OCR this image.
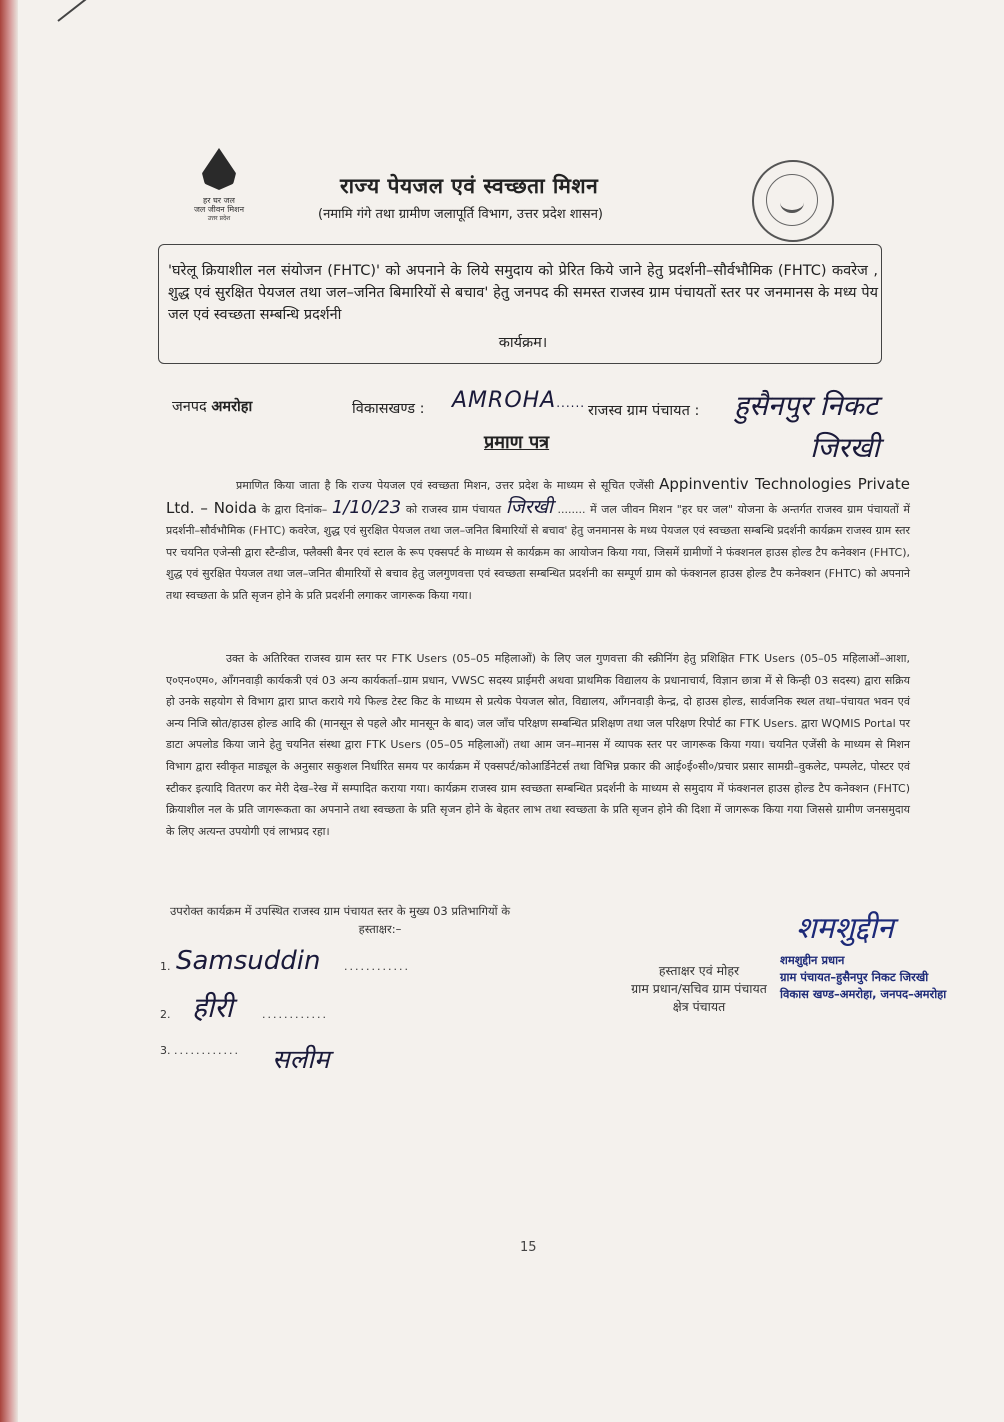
हर घर जल
जल जीवन मिशन
उत्तर प्रदेश
राज्य पेयजल एवं स्वच्छता मिशन
(नमामि गंगे तथा ग्रामीण जलापूर्ति विभाग, उत्तर प्रदेश शासन)
'घरेलू क्रियाशील नल संयोजन (FHTC)' को अपनाने के लिये समुदाय को प्रेरित किये जाने हेतु प्रदर्शनी–सौर्वभौमिक (FHTC) कवरेज , शुद्ध एवं सुरक्षित पेयजल तथा जल–जनित बिमारियों से बचाव' हेतु जनपद की समस्त राजस्व ग्राम पंचायतों स्तर पर जनमानस के मध्य पेय जल एवं स्वच्छता सम्बन्धि प्रदर्शनी
कार्यक्रम।
जनपद अमरोहा	विकासखण्ड : AMROHA...... राजस्व ग्राम पंचायत : हुसैनपुर निकट
जिरखी
प्रमाण पत्र
प्रमाणित किया जाता है कि राज्य पेयजल एवं स्वच्छता मिशन, उत्तर प्रदेश के माध्यम से सूचित एजेंसी Appinventiv Technologies Private Ltd. – Noida के द्वारा दिनांक– 1/10/23 को राजस्व ग्राम पंचायत जिरखी ........ में जल जीवन मिशन "हर घर जल" योजना के अन्तर्गत राजस्व ग्राम पंचायतों में प्रदर्शनी–सौर्वभौमिक (FHTC) कवरेज, शुद्ध एवं सुरक्षित पेयजल तथा जल–जनित बिमारियों से बचाव' हेतु जनमानस के मध्य पेयजल एवं स्वच्छता सम्बन्धि प्रदर्शनी कार्यक्रम राजस्व ग्राम स्तर पर चयनित एजेन्सी द्वारा स्टैन्डीज, फ्लैक्सी बैनर एवं स्टाल के रूप एक्सपर्ट के माध्यम से कार्यक्रम का आयोजन किया गया, जिसमें ग्रामीणों ने फंक्शनल हाउस होल्ड टैप कनेक्शन (FHTC), शुद्ध एवं सुरक्षित पेयजल तथा जल–जनित बीमारियों से बचाव हेतु जलगुणवत्ता एवं स्वच्छता सम्बन्धित प्रदर्शनी का सम्पूर्ण ग्राम को फंक्शनल हाउस होल्ड टैप कनेक्शन (FHTC) को अपनाने तथा स्वच्छता के प्रति सृजन होने के प्रति प्रदर्शनी लगाकर जागरूक किया गया।
उक्त के अतिरिक्त राजस्व ग्राम स्तर पर FTK Users (05–05 महिलाओं) के लिए जल गुणवत्ता की स्क्रीनिंग हेतु प्रशिक्षित FTK Users (05–05 महिलाओं–आशा, ए०एन०एम०, आँगनवाड़ी कार्यकत्री एवं 03 अन्य कार्यकर्ता–ग्राम प्रधान, VWSC सदस्य प्राईमरी अथवा प्राथमिक विद्यालय के प्रधानाचार्य, विज्ञान छात्रा में से किन्ही 03 सदस्य) द्वारा सक्रिय हो उनके सहयोग से विभाग द्वारा प्राप्त कराये गये फिल्ड टेस्ट किट के माध्यम से प्रत्येक पेयजल स्रोत, विद्यालय, आँगनवाड़ी केन्द्र, दो हाउस होल्ड, सार्वजनिक स्थल तथा–पंचायत भवन एवं अन्य निजि स्रोत/हाउस होल्ड आदि की (मानसून से पहले और मानसून के बाद) जल जाँच परिक्षण सम्बन्धित प्रशिक्षण तथा जल परिक्षण रिपोर्ट का FTK Users. द्वारा WQMIS Portal पर डाटा अपलोड किया जाने हेतु चयनित संस्था द्वारा FTK Users (05–05 महिलाओं) तथा आम जन–मानस में व्यापक स्तर पर जागरूक किया गया। चयनित एजेंसी के माध्यम से मिशन विभाग द्वारा स्वीकृत माड्यूल के अनुसार सकुशल निर्धारित समय पर कार्यक्रम में एक्सपर्ट/कोआर्डिनेटर्स तथा विभिन्न प्रकार की आई०ई०सी०/प्रचार प्रसार सामग्री–वुकलेट, पम्पलेट, पोस्टर एवं स्टीकर इत्यादि वितरण कर मेरी देख–रेख में सम्पादित कराया गया। कार्यक्रम राजस्व ग्राम स्वच्छता सम्बन्धित प्रदर्शनी के माध्यम से समुदाय में फंक्शनल हाउस होल्ड टैप कनेक्शन (FHTC) क्रियाशील नल के प्रति जागरूकता का अपनाने तथा स्वच्छता के प्रति सृजन होने के बेहतर लाभ तथा स्वच्छता के प्रति सृजन होने की दिशा में जागरूक किया गया जिससे ग्रामीण जनसमुदाय के लिए अत्यन्त उपयोगी एवं लाभप्रद रहा।
उपरोक्त कार्यक्रम में उपस्थित राजस्व ग्राम पंचायत स्तर के मुख्य 03 प्रतिभागियों के
हस्ताक्षर:–
1.	............
Samsuddin
2.	............
हीरी
3. ............ सलीम
हस्ताक्षर एवं मोहर
ग्राम प्रधान/सचिव ग्राम पंचायत
क्षेत्र पंचायत
शमशुद्दीन
शमशुद्दीन प्रधान
ग्राम पंचायत–हुसैनपुर निकट जिरखी
विकास खण्ड–अमरोहा, जनपद–अमरोहा
15
